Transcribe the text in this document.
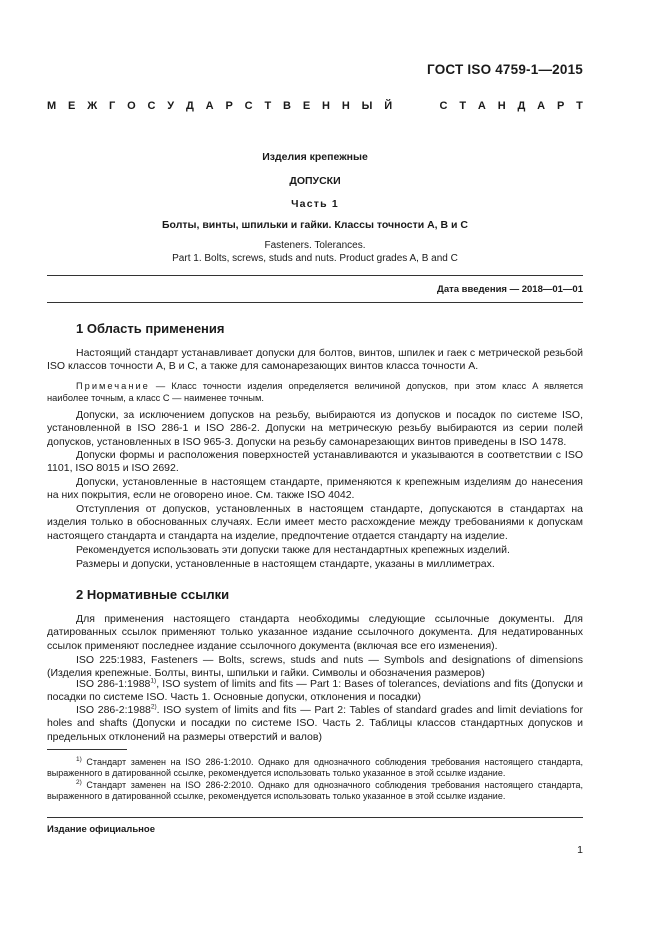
ГОСТ ISO 4759-1—2015
М Е Ж Г О С У Д А Р С Т В Е Н Н Ы Й	С Т А Н Д А Р Т
Изделия крепежные
ДОПУСКИ
Часть 1
Болты, винты, шпильки и гайки. Классы точности A, B и C
Fasteners. Tolerances.
Part 1. Bolts, screws, studs and nuts. Product grades A, B and C
Дата введения — 2018—01—01
1 Область применения
Настоящий стандарт устанавливает допуски для болтов, винтов, шпилек и гаек с метрической резьбой ISO классов точности A, B и C, а также для самонарезающих винтов класса точности A.
Примечание — Класс точности изделия определяется величиной допусков, при этом класс A является наиболее точным, а класс C — наименее точным.
Допуски, за исключением допусков на резьбу, выбираются из допусков и посадок по системе ISO, установленной в ISO 286-1 и ISO 286-2. Допуски на метрическую резьбу выбираются из серии полей допусков, установленных в ISO 965-3. Допуски на резьбу самонарезающих винтов приведены в ISO 1478.
Допуски формы и расположения поверхностей устанавливаются и указываются в соответствии с ISO 1101, ISO 8015 и ISO 2692.
Допуски, установленные в настоящем стандарте, применяются к крепежным изделиям до нанесения на них покрытия, если не оговорено иное. См. также ISO 4042.
Отступления от допусков, установленных в настоящем стандарте, допускаются в стандартах на изделия только в обоснованных случаях. Если имеет место расхождение между требованиями к допускам настоящего стандарта и стандарта на изделие, предпочтение отдается стандарту на изделие.
Рекомендуется использовать эти допуски также для нестандартных крепежных изделий.
Размеры и допуски, установленные в настоящем стандарте, указаны в миллиметрах.
2 Нормативные ссылки
Для применения настоящего стандарта необходимы следующие ссылочные документы. Для датированных ссылок применяют только указанное издание ссылочного документа. Для недатированных ссылок применяют последнее издание ссылочного документа (включая все его изменения).
ISO 225:1983, Fasteners — Bolts, screws, studs and nuts — Symbols and designations of dimensions (Изделия крепежные. Болты, винты, шпильки и гайки. Символы и обозначения размеров)
ISO 286-1:1988$^{1)}$, ISO system of limits and fits — Part 1: Bases of tolerances, deviations and fits (Допуски и посадки по системе ISO. Часть 1. Основные допуски, отклонения и посадки)
ISO 286-2:1988$^{2)}$. ISO system of limits and fits — Part 2: Tables of standard grades and limit deviations for holes and shafts (Допуски и посадки по системе ISO. Часть 2. Таблицы классов стандартных допусков и предельных отклонений на размеры отверстий и валов)
$^{1)}$ Стандарт заменен на ISO 286-1:2010. Однако для однозначного соблюдения требования настоящего стандарта, выраженного в датированной ссылке, рекомендуется использовать только указанное в этой ссылке издание.
$^{2)}$ Стандарт заменен на ISO 286-2:2010. Однако для однозначного соблюдения требования настоящего стандарта, выраженного в датированной ссылке, рекомендуется использовать только указанное в этой ссылке издание.
Издание официальное
1
